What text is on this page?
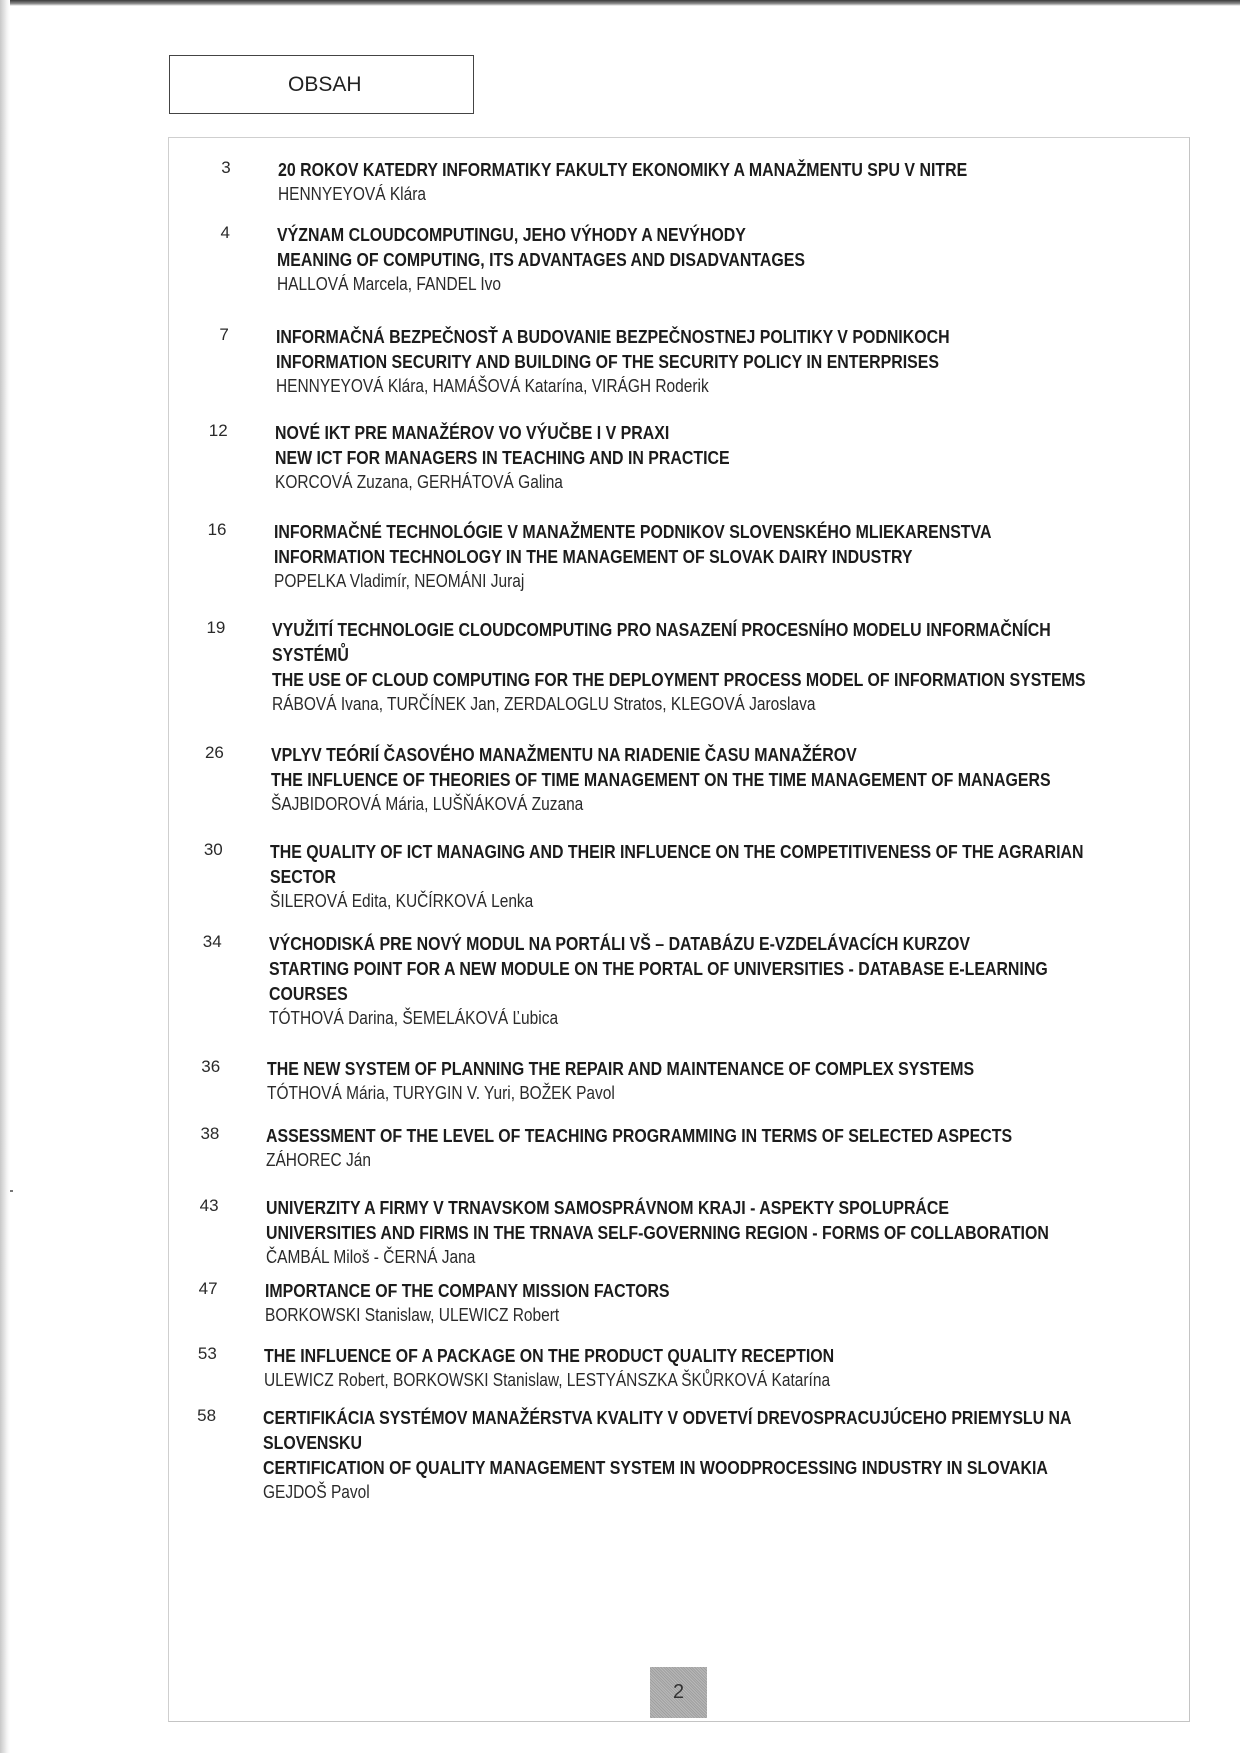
OBSAH
3	20 ROKOV KATEDRY INFORMATIKY FAKULTY EKONOMIKY A MANAŽMENTU SPU V NITRE
HENNYEYOVÁ Klára
4	VÝZNAM CLOUDCOMPUTINGU, JEHO VÝHODY A NEVÝHODY
MEANING OF COMPUTING, ITS ADVANTAGES AND DISADVANTAGES
HALLOVÁ Marcela, FANDEL Ivo
7	INFORMAČNÁ BEZPEČNOSŤ A BUDOVANIE BEZPEČNOSTNEJ POLITIKY V PODNIKOCH
INFORMATION SECURITY AND BUILDING OF THE SECURITY POLICY IN ENTERPRISES
HENNYEYOVÁ Klára, HAMÁŠOVÁ Katarína, VIRÁGH Roderik
12	NOVÉ IKT PRE MANAŽÉROV VO VÝUČBE I V PRAXI
NEW ICT FOR MANAGERS IN TEACHING AND IN PRACTICE
KORCOVÁ Zuzana, GERHÁTOVÁ Galina
16	INFORMAČNÉ TECHNOLÓGIE V MANAŽMENTE PODNIKOV SLOVENSKÉHO MLIEKARENSTVA
INFORMATION TECHNOLOGY IN THE MANAGEMENT OF SLOVAK DAIRY INDUSTRY
POPELKA Vladimír, NEOMÁNI Juraj
19	VYUŽITÍ TECHNOLOGIE CLOUDCOMPUTING PRO NASAZENÍ PROCESNÍHO MODELU INFORMAČNÍCH
SYSTÉMŮ
THE USE OF CLOUD COMPUTING FOR THE DEPLOYMENT PROCESS MODEL OF INFORMATION SYSTEMS
RÁBOVÁ Ivana, TURČÍNEK Jan, ZERDALOGLU Stratos, KLEGOVÁ Jaroslava
26	VPLYV TEÓRIÍ ČASOVÉHO MANAŽMENTU NA RIADENIE ČASU MANAŽÉROV
THE INFLUENCE OF THEORIES OF TIME MANAGEMENT ON THE TIME MANAGEMENT OF MANAGERS
ŠAJBIDOROVÁ Mária, LUŠŇÁKOVÁ Zuzana
30	THE QUALITY OF ICT MANAGING AND THEIR INFLUENCE ON THE COMPETITIVENESS OF THE AGRARIAN
SECTOR
ŠILEROVÁ Edita, KUČÍRKOVÁ Lenka
34	VÝCHODISKÁ PRE NOVÝ MODUL NA PORTÁLI VŠ – DATABÁZU E-VZDELÁVACÍCH KURZOV
STARTING POINT FOR A NEW MODULE ON THE PORTAL OF UNIVERSITIES - DATABASE E-LEARNING
COURSES
TÓTHOVÁ Darina, ŠEMELÁKOVÁ Ľubica
36	THE NEW SYSTEM OF PLANNING THE REPAIR AND MAINTENANCE OF COMPLEX SYSTEMS
TÓTHOVÁ Mária, TURYGIN V. Yuri, BOŽEK Pavol
38	ASSESSMENT OF THE LEVEL OF TEACHING PROGRAMMING IN TERMS OF SELECTED ASPECTS
ZÁHOREC Ján
43	UNIVERZITY A FIRMY V TRNAVSKOM SAMOSPRÁVNOM KRAJI - ASPEKTY SPOLUPRÁCE
UNIVERSITIES AND FIRMS IN THE TRNAVA SELF-GOVERNING REGION - FORMS OF COLLABORATION
ČAMBÁL Miloš - ČERNÁ Jana
47	IMPORTANCE OF THE COMPANY MISSION FACTORS
BORKOWSKI Stanislaw, ULEWICZ Robert
53	THE INFLUENCE OF A PACKAGE ON THE PRODUCT QUALITY RECEPTION
ULEWICZ Robert, BORKOWSKI Stanislaw, LESTYÁNSZKA ŠKŮRKOVÁ Katarína
58	CERTIFIKÁCIA SYSTÉMOV MANAŽÉRSTVA KVALITY V ODVETVÍ DREVOSPRACUJÚCEHO PRIEMYSLU NA
SLOVENSKU
CERTIFICATION OF QUALITY MANAGEMENT SYSTEM IN WOODPROCESSING INDUSTRY IN SLOVAKIA
GEJDOŠ Pavol
2
